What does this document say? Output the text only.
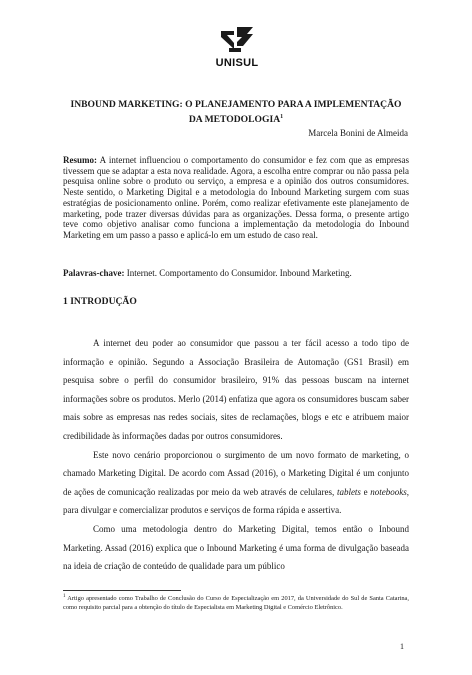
UNISUL
INBOUND MARKETING: O PLANEJAMENTO PARA A IMPLEMENTAÇÃO
DA METODOLOGIA$^1$
Marcela Bonini de Almeida
Resumo: A internet influenciou o comportamento do consumidor e fez com que as empresas tivessem que se adaptar a esta nova realidade. Agora, a escolha entre comprar ou não passa pela pesquisa online sobre o produto ou serviço, a empresa e a opinião dos outros consumidores. Neste sentido, o Marketing Digital e a metodologia do Inbound Marketing surgem com suas estratégias de posicionamento online. Porém, como realizar efetivamente este planejamento de marketing, pode trazer diversas dúvidas para as organizações. Dessa forma, o presente artigo teve como objetivo analisar como funciona a implementação da metodologia do Inbound Marketing em um passo a passo e aplicá-lo em um estudo de caso real.
Palavras-chave: Internet. Comportamento do Consumidor. Inbound Marketing.
1 INTRODUÇÃO

A internet deu poder ao consumidor que passou a ter fácil acesso a todo tipo de informação e opinião. Segundo a Associação Brasileira de Automação (GS1 Brasil) em pesquisa sobre o perfil do consumidor brasileiro, 91% das pessoas buscam na internet informações sobre os produtos. Merlo (2014) enfatiza que agora os consumidores buscam saber mais sobre as empresas nas redes sociais, sites de reclamações, blogs e etc e atribuem maior credibilidade às informações dadas por outros consumidores.

Este novo cenário proporcionou o surgimento de um novo formato de marketing, o chamado Marketing Digital. De acordo com Assad (2016), o Marketing Digital é um conjunto de ações de comunicação realizadas por meio da web através de celulares, tablets e notebooks, para divulgar e comercializar produtos e serviços de forma rápida e assertiva.

Como uma metodologia dentro do Marketing Digital, temos então o Inbound Marketing. Assad (2016) explica que o Inbound Marketing é uma forma de divulgação baseada na ideia de criação de conteúdo de qualidade para um público

$^1$ Artigo apresentado como Trabalho de Conclusão do Curso de Especialização em 2017, da Universidade do Sul de Santa Catarina, como requisito parcial para a obtenção do título de Especialista em Marketing Digital e Comércio Eletrônico.
1
